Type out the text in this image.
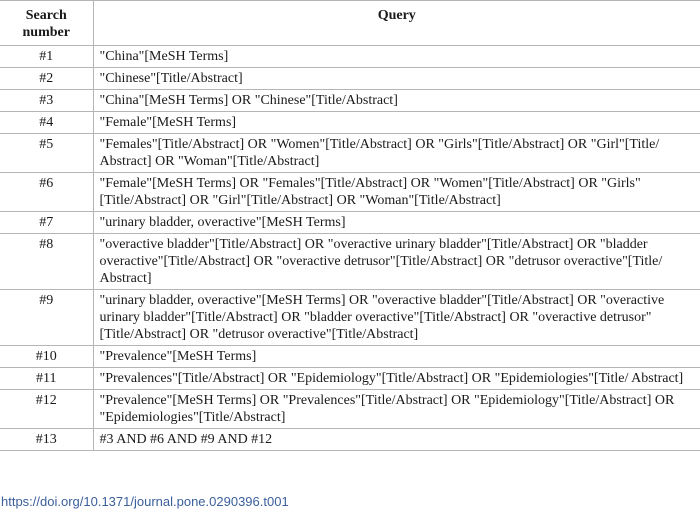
Search
number	Query
#1	"China"[MeSH Terms]
#2	"Chinese"[Title/Abstract]
#3	"China"[MeSH Terms] OR "Chinese"[Title/Abstract]
#4	"Female"[MeSH Terms]
#5	"Females"[Title/Abstract] OR "Women"[Title/Abstract] OR "Girls"[Title/Abstract] OR "Girl"[Title/ Abstract] OR "Woman"[Title/Abstract]
#6	"Female"[MeSH Terms] OR "Females"[Title/Abstract] OR "Women"[Title/Abstract] OR "Girls"[Title/Abstract] OR "Girl"[Title/Abstract] OR "Woman"[Title/Abstract]
#7	"urinary bladder, overactive"[MeSH Terms]
#8	"overactive bladder"[Title/Abstract] OR "overactive urinary bladder"[Title/Abstract] OR "bladder overactive"[Title/Abstract] OR "overactive detrusor"[Title/Abstract] OR "detrusor overactive"[Title/ Abstract]
#9	"urinary bladder, overactive"[MeSH Terms] OR "overactive bladder"[Title/Abstract] OR "overactive urinary bladder"[Title/Abstract] OR "bladder overactive"[Title/Abstract] OR "overactive detrusor"[Title/Abstract] OR "detrusor overactive"[Title/Abstract]
#10	"Prevalence"[MeSH Terms]
#11	"Prevalences"[Title/Abstract] OR "Epidemiology"[Title/Abstract] OR "Epidemiologies"[Title/ Abstract]
#12	"Prevalence"[MeSH Terms] OR "Prevalences"[Title/Abstract] OR "Epidemiology"[Title/Abstract] OR "Epidemiologies"[Title/Abstract]
#13	#3 AND #6 AND #9 AND #12
https://doi.org/10.1371/journal.pone.0290396.t001
